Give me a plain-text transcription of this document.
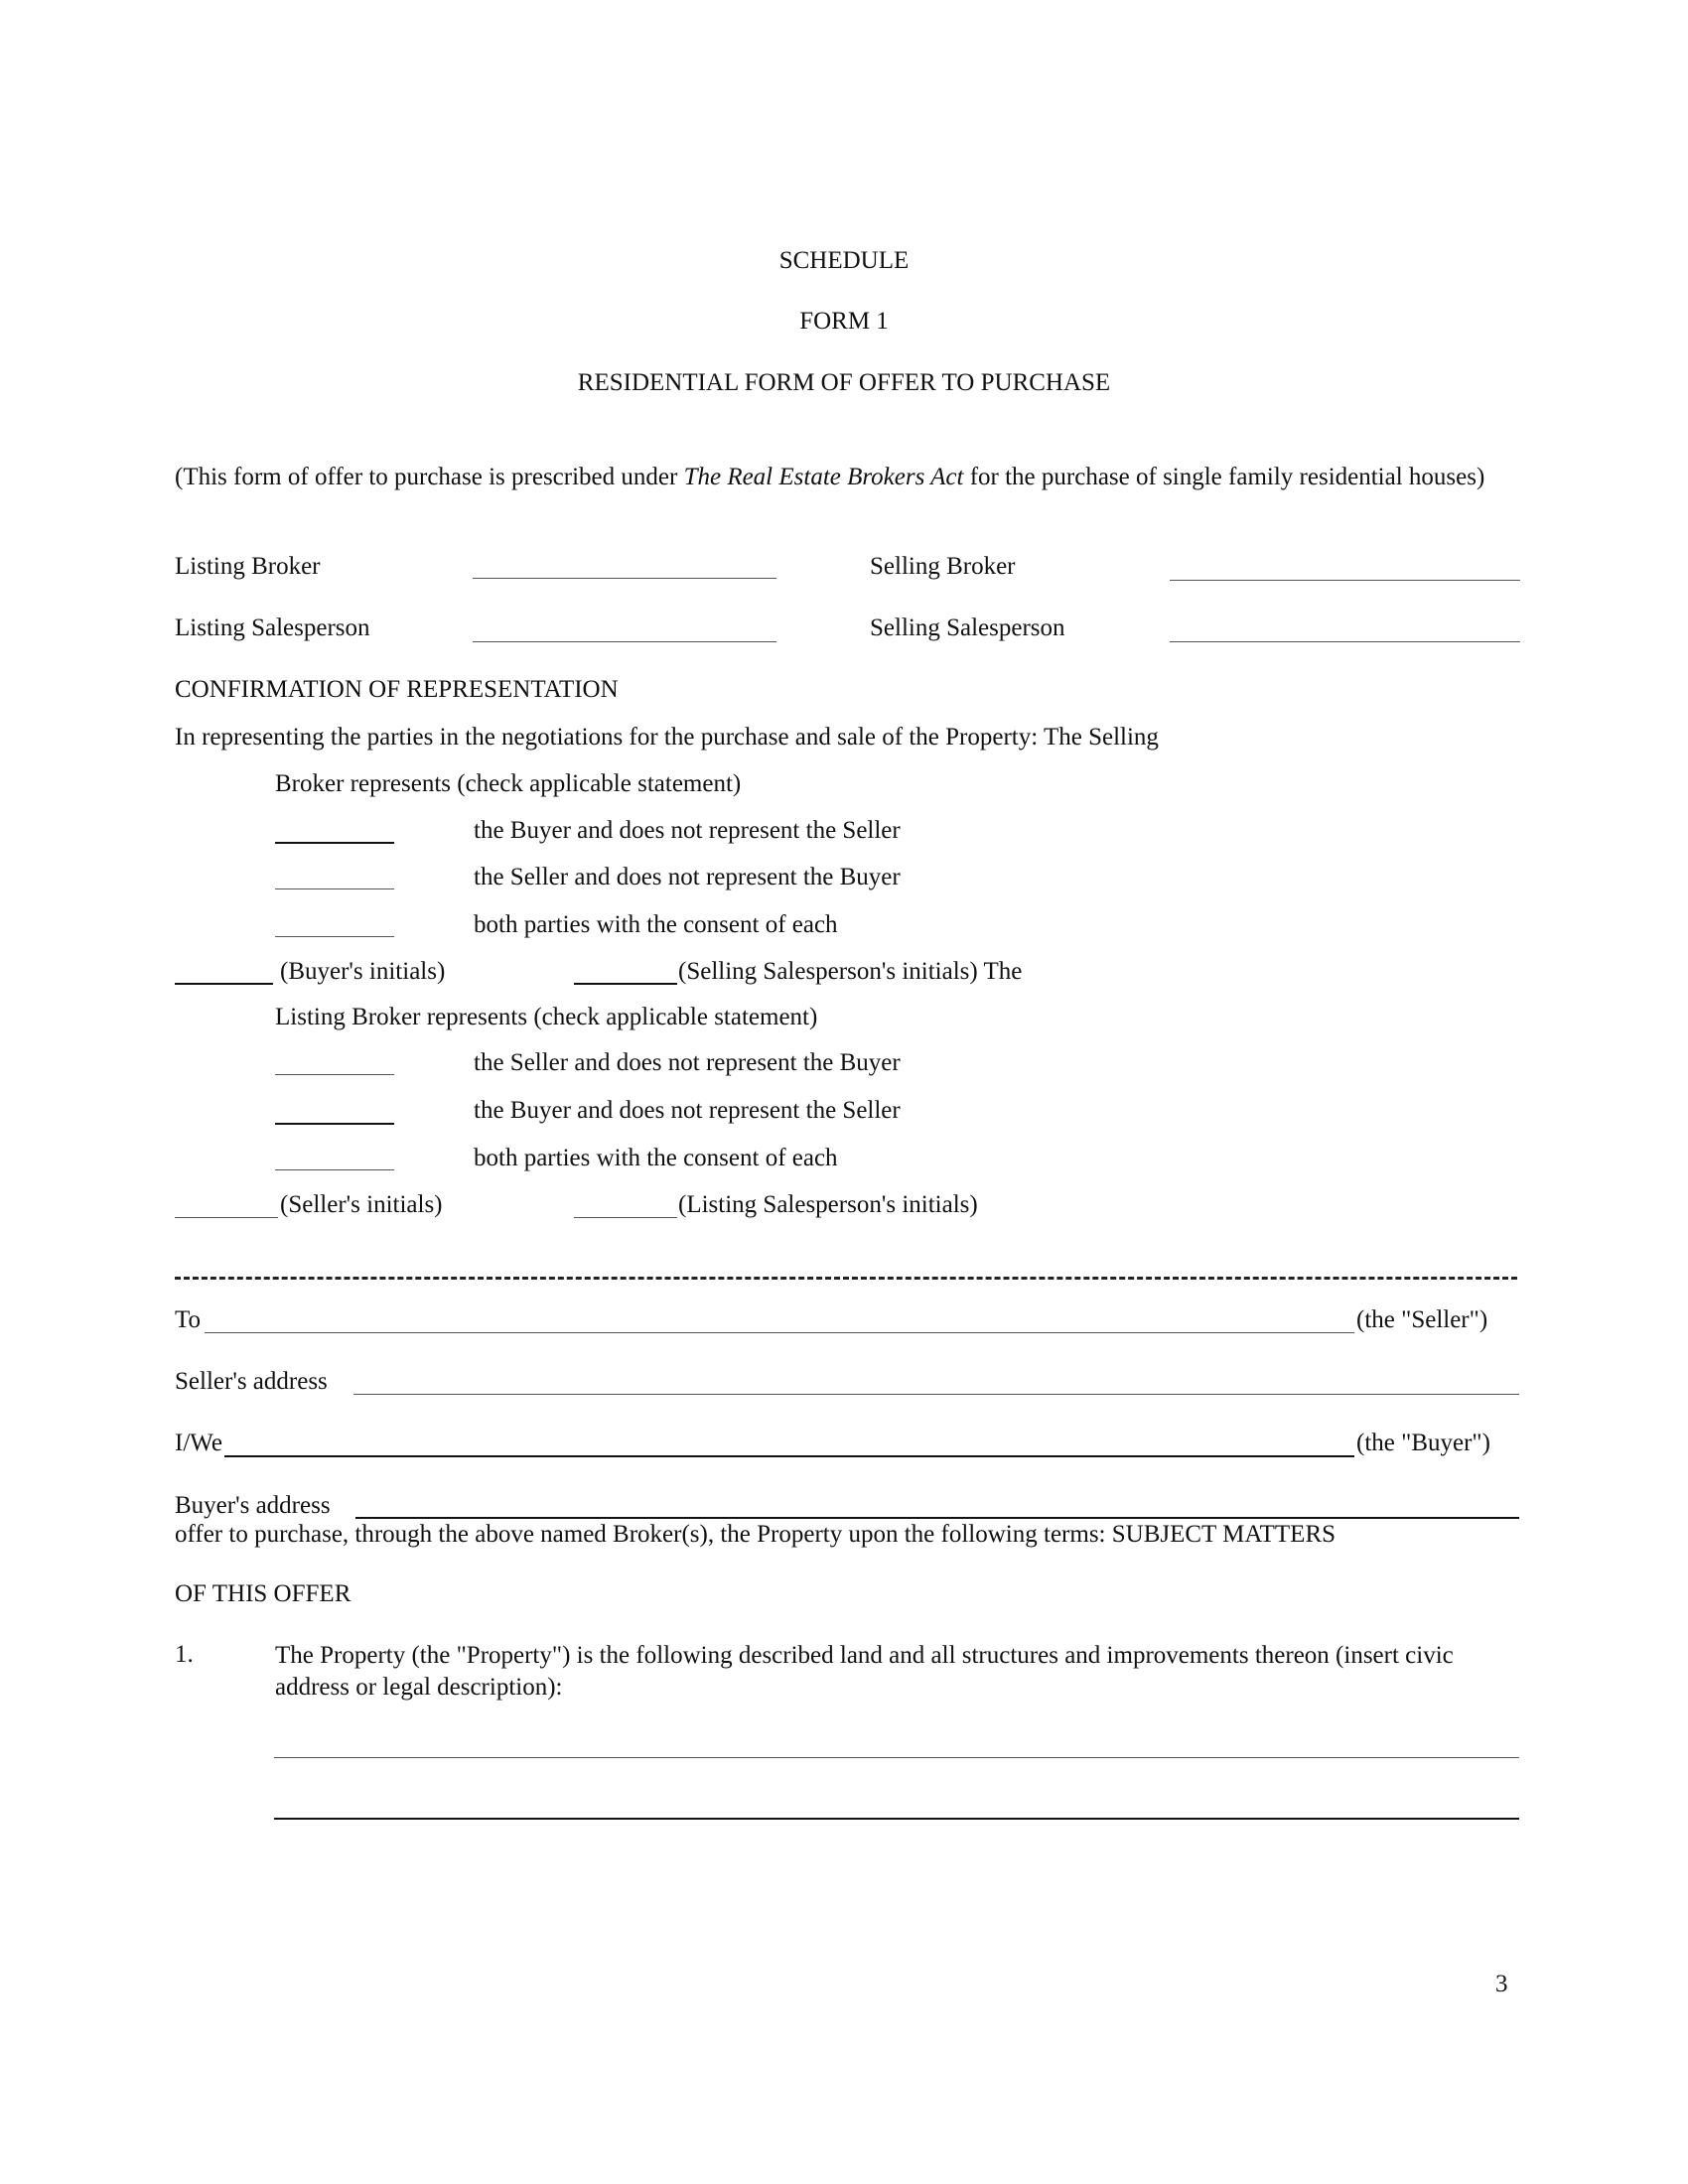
SCHEDULE
FORM 1
RESIDENTIAL FORM OF OFFER TO PURCHASE
(This form of offer to purchase is prescribed under The Real Estate Brokers Act for the purchase of single family residential houses)
Listing Broker	Selling Broker
Listing Salesperson	Selling Salesperson
CONFIRMATION OF REPRESENTATION
In representing the parties in the negotiations for the purchase and sale of the Property: The Selling
Broker represents (check applicable statement)
the Buyer and does not represent the Seller
the Seller and does not represent the Buyer
both parties with the consent of each
(Buyer's initials)	(Selling Salesperson's initials) The
Listing Broker represents (check applicable statement)
the Seller and does not represent the Buyer
the Buyer and does not represent the Seller
both parties with the consent of each
(Seller's initials)	(Listing Salesperson's initials)
To	(the "Seller")
Seller's address
I/We	(the "Buyer")
Buyer's address
offer to purchase, through the above named Broker(s), the Property upon the following terms: SUBJECT MATTERS
OF THIS OFFER
1.	The Property (the "Property") is the following described land and all structures and improvements thereon (insert civic address or legal description):
3
